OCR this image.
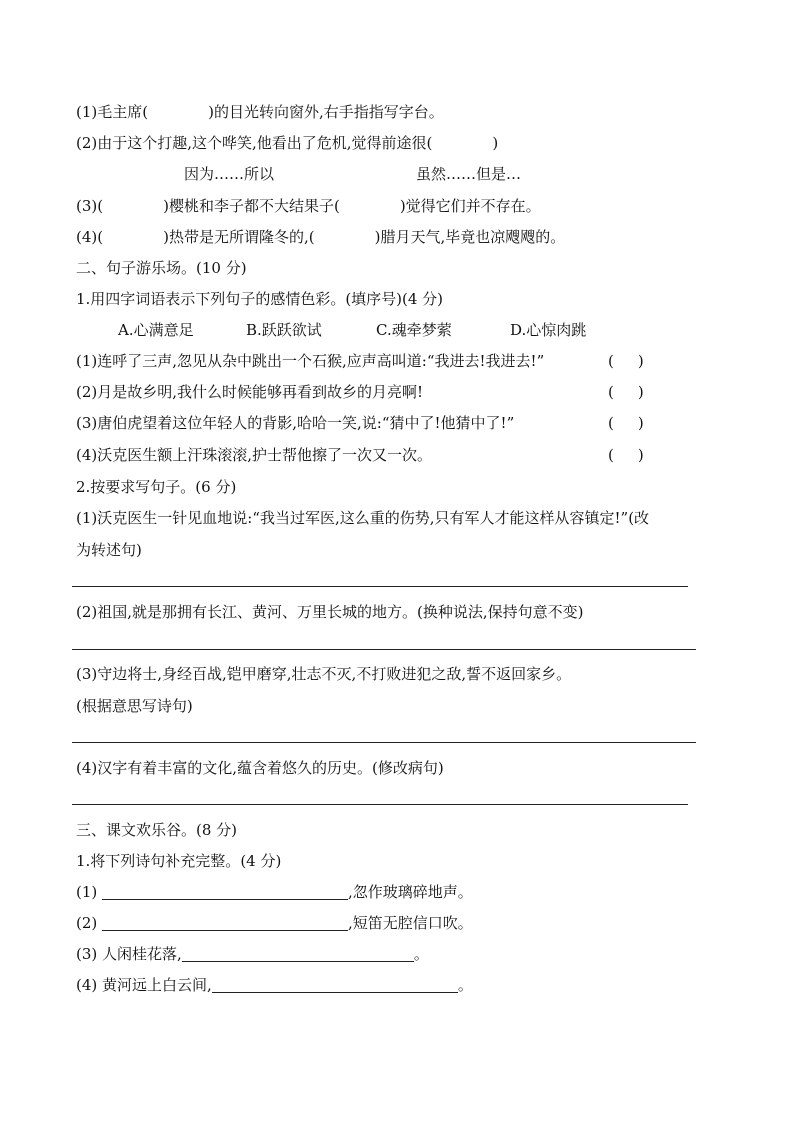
(1)毛主席(	)的目光转向窗外,右手指指写字台。
(2)由于这个打趣,这个哗笑,他看出了危机,觉得前途很(	)
因为……所以	虽然……但是…
(3)(	)樱桃和李子都不大结果子(	)觉得它们并不存在。
(4)(	)热带是无所谓隆冬的,(	)腊月天气,毕竟也凉飕飕的。
二、句子游乐场。(10 分)
1.用四字词语表示下列句子的感情色彩。(填序号)(4 分)
A.心满意足	B.跃跃欲试	C.魂牵梦萦	D.心惊肉跳
(1)连呼了三声,忽见从杂中跳出一个石猴,应声高叫道:“我进去!我进去!”	( )
(2)月是故乡明,我什么时候能够再看到故乡的月亮啊!	( )
(3)唐伯虎望着这位年轻人的背影,哈哈一笑,说:“猜中了!他猜中了!”	( )
(4)沃克医生额上汗珠滚滚,护士帮他擦了一次又一次。	( )
2.按要求写句子。(6 分)
(1)沃克医生一针见血地说:“我当过军医,这么重的伤势,只有军人才能这样从容镇定!”(改
为转述句)
(2)祖国,就是那拥有长江、黄河、万里长城的地方。(换种说法,保持句意不变)
(3)守边将士,身经百战,铠甲磨穿,壮志不灭,不打败进犯之敌,誓不返回家乡。
(根据意思写诗句)
(4)汉字有着丰富的文化,蕴含着悠久的历史。(修改病句)
三、课文欢乐谷。(8 分)
1.将下列诗句补充完整。(4 分)
(1)	,忽作玻璃碎地声。
(2)	,短笛无腔信口吹。
(3) 人闲桂花落,	。
(4) 黄河远上白云间,	。
